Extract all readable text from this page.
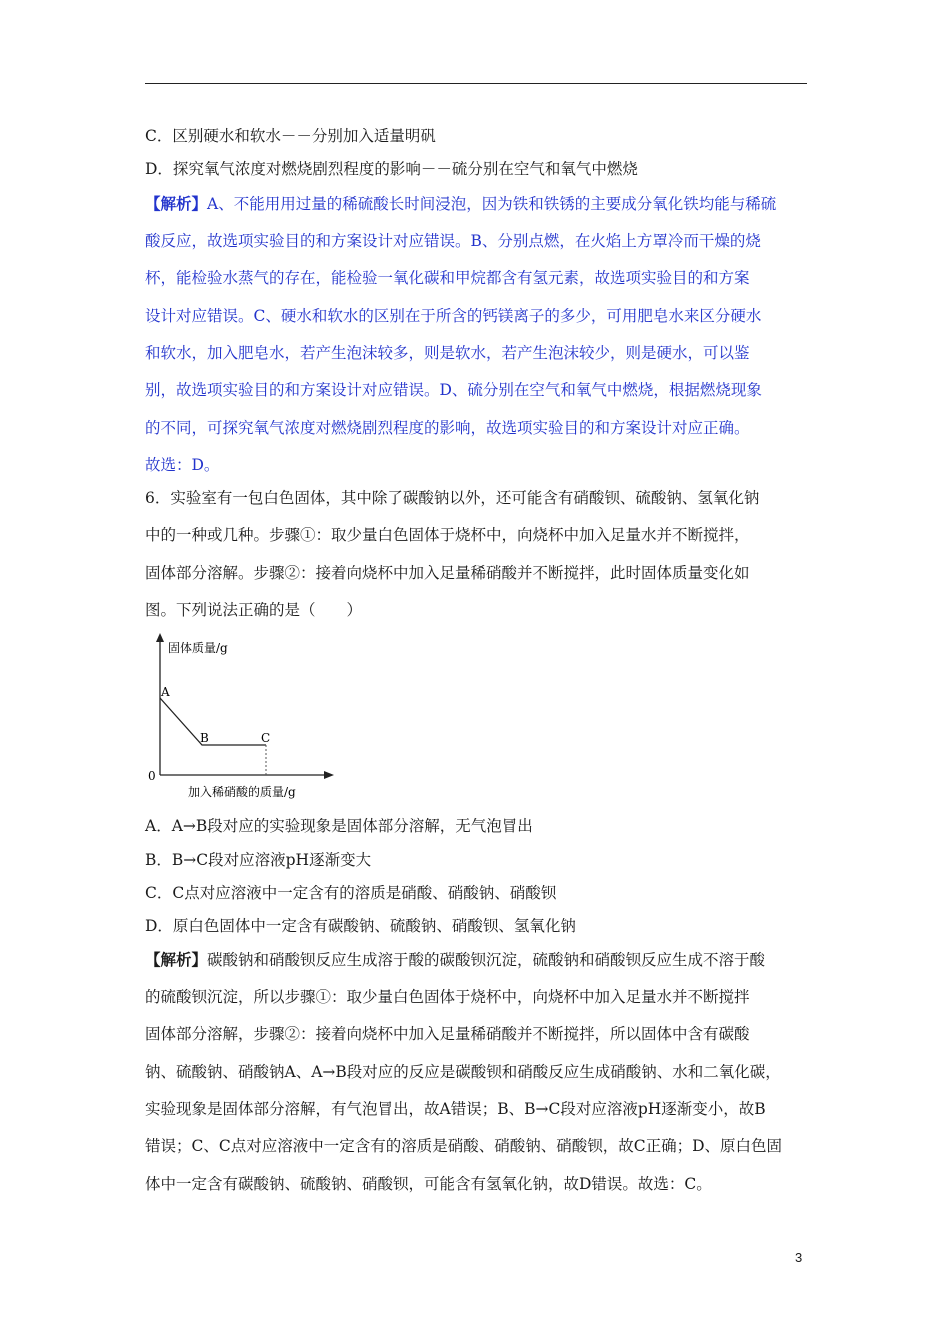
C．区别硬水和软水－－分别加入适量明矾
D．探究氧气浓度对燃烧剧烈程度的影响－－硫分别在空气和氧气中燃烧
【解析】A、不能用用过量的稀硫酸长时间浸泡，因为铁和铁锈的主要成分氧化铁均能与稀硫
酸反应，故选项实验目的和方案设计对应错误。B、分别点燃，在火焰上方罩冷而干燥的烧
杯，能检验水蒸气的存在，能检验一氧化碳和甲烷都含有氢元素，故选项实验目的和方案
设计对应错误。C、硬水和软水的区别在于所含的钙镁离子的多少，可用肥皂水来区分硬水
和软水，加入肥皂水，若产生泡沫较多，则是软水，若产生泡沫较少，则是硬水，可以鉴
别，故选项实验目的和方案设计对应错误。D、硫分别在空气和氧气中燃烧，根据燃烧现象
的不同，可探究氧气浓度对燃烧剧烈程度的影响，故选项实验目的和方案设计对应正确。
故选：D。
6．实验室有一包白色固体，其中除了碳酸钠以外，还可能含有硝酸钡、硫酸钠、氢氧化钠
中的一种或几种。步骤①：取少量白色固体于烧杯中，向烧杯中加入足量水并不断搅拌，
固体部分溶解。步骤②：接着向烧杯中加入足量稀硝酸并不断搅拌，此时固体质量变化如
图。下列说法正确的是（　　）
固体质量/g
A
B	C
0
加入稀硝酸的质量/g
A．A→B段对应的实验现象是固体部分溶解，无气泡冒出
B．B→C段对应溶液pH逐渐变大
C．C点对应溶液中一定含有的溶质是硝酸、硝酸钠、硝酸钡
D．原白色固体中一定含有碳酸钠、硫酸钠、硝酸钡、氢氧化钠
【解析】碳酸钠和硝酸钡反应生成溶于酸的碳酸钡沉淀，硫酸钠和硝酸钡反应生成不溶于酸
的硫酸钡沉淀，所以步骤①：取少量白色固体于烧杯中，向烧杯中加入足量水并不断搅拌
固体部分溶解，步骤②：接着向烧杯中加入足量稀硝酸并不断搅拌，所以固体中含有碳酸
钠、硫酸钠、硝酸钠A、A→B段对应的反应是碳酸钡和硝酸反应生成硝酸钠、水和二氧化碳，
实验现象是固体部分溶解，有气泡冒出，故A错误；B、B→C段对应溶液pH逐渐变小，故B
错误；C、C点对应溶液中一定含有的溶质是硝酸、硝酸钠、硝酸钡，故C正确；D、原白色固
体中一定含有碳酸钠、硫酸钠、硝酸钡，可能含有氢氧化钠，故D错误。故选：C。
3
